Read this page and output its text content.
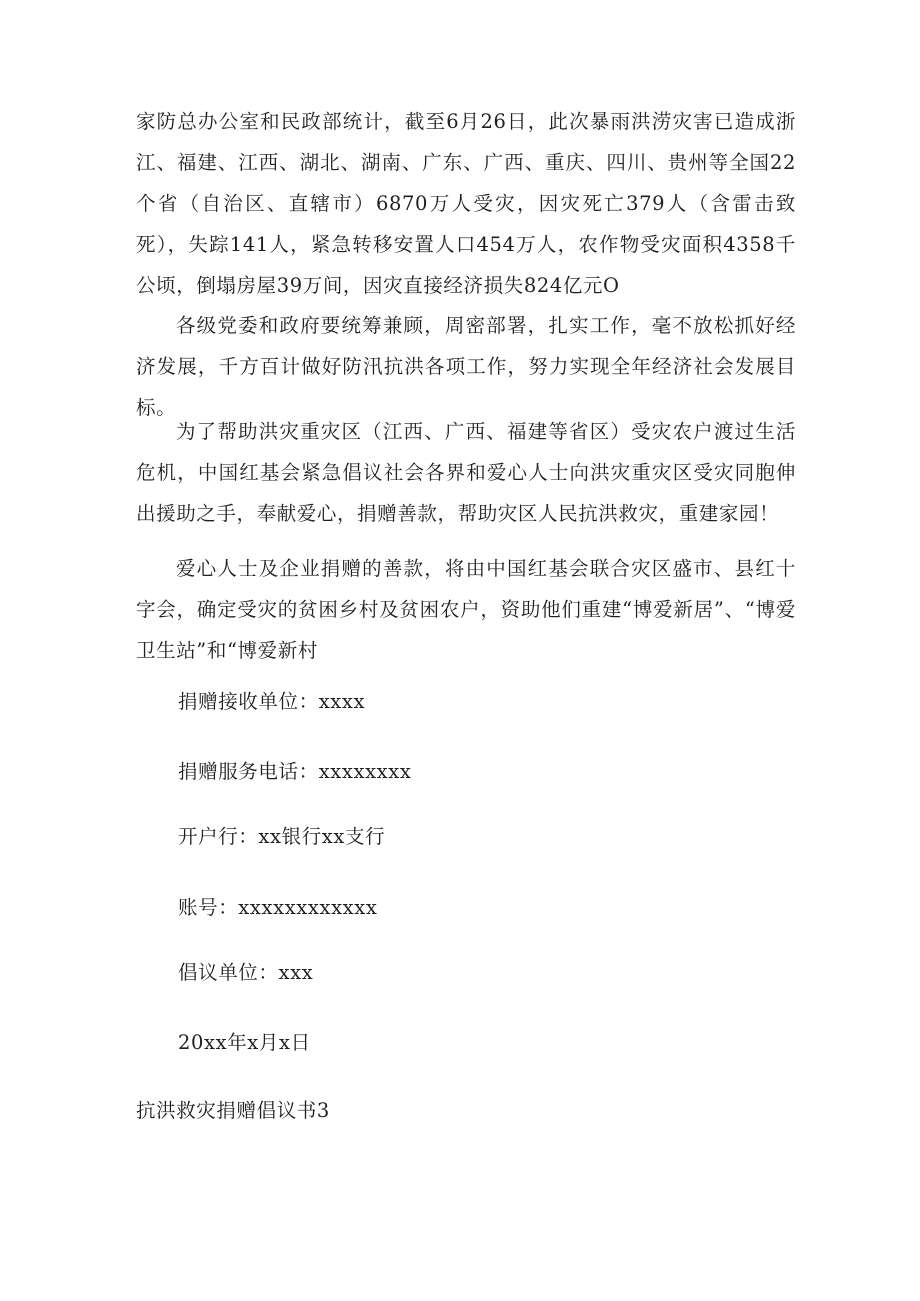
家防总办公室和民政部统计，截至6月26日，此次暴雨洪涝灾害已造成浙江、福建、江西、湖北、湖南、广东、广西、重庆、四川、贵州等全国22个省（自治区、直辖市）6870万人受灾，因灾死亡379人（含雷击致死），失踪141人，紧急转移安置人口454万人，农作物受灾面积4358千公顷，倒塌房屋39万间，因灾直接经济损失824亿元O

各级党委和政府要统筹兼顾，周密部署，扎实工作，毫不放松抓好经济发展，千方百计做好防汛抗洪各项工作，努力实现全年经济社会发展目标。

为了帮助洪灾重灾区（江西、广西、福建等省区）受灾农户渡过生活危机，中国红基会紧急倡议社会各界和爱心人士向洪灾重灾区受灾同胞伸出援助之手，奉献爱心，捐赠善款，帮助灾区人民抗洪救灾，重建家园！

爱心人士及企业捐赠的善款，将由中国红基会联合灾区盛市、县红十字会，确定受灾的贫困乡村及贫困农户，资助他们重建“博爱新居”、“博爱卫生站”和“博爱新村

捐赠接收单位：xxxx

捐赠服务电话：xxxxxxxx

开户行：xx银行xx支行

账号：xxxxxxxxxxxx

倡议单位：xxx

20xx年x月x日

抗洪救灾捐赠倡议书3
